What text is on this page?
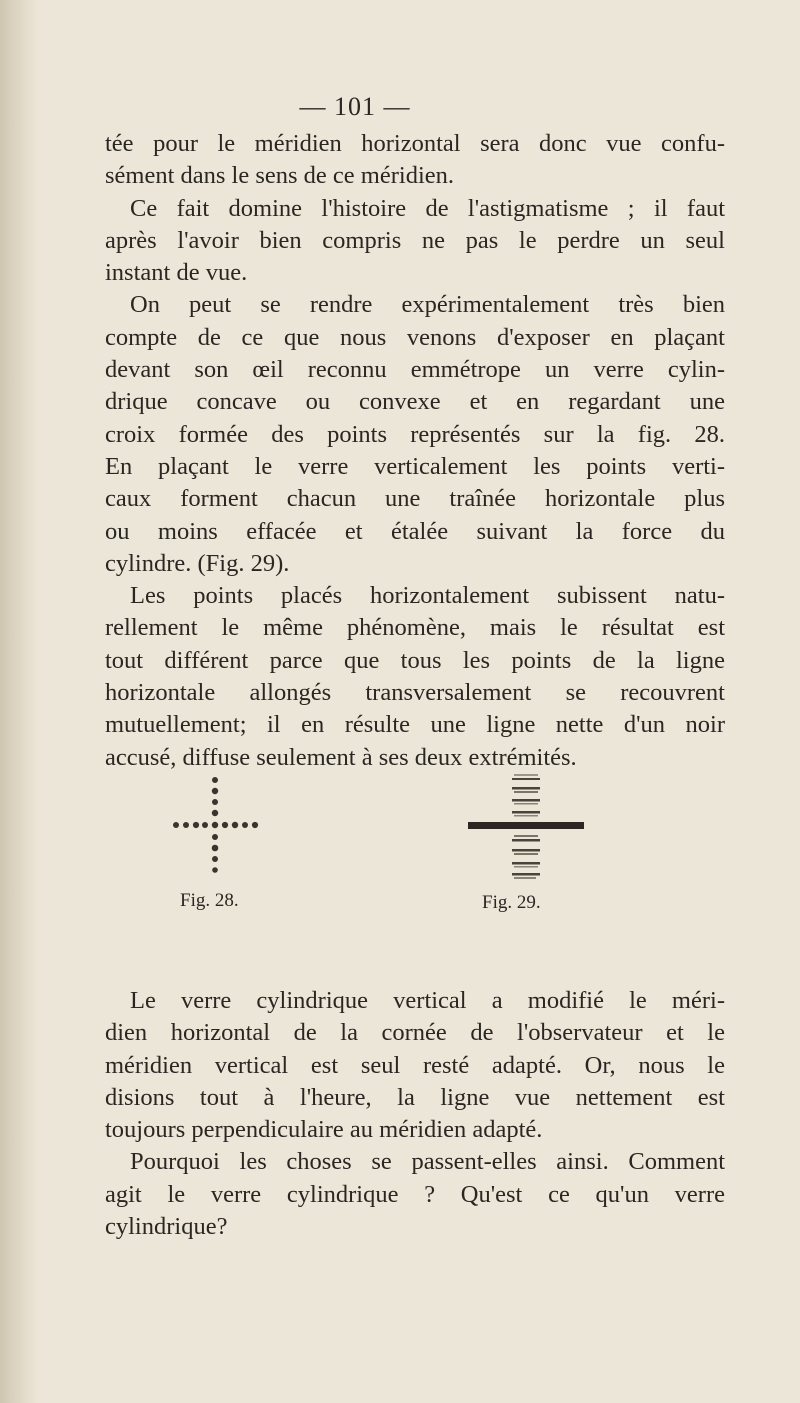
— 101 —
tée pour le méridien horizontal sera donc vue confu-
sément dans le sens de ce méridien.
Ce fait domine l'histoire de l'astigmatisme ; il faut
après l'avoir bien compris ne pas le perdre un seul
instant de vue.
On peut se rendre expérimentalement très bien
compte de ce que nous venons d'exposer en plaçant
devant son œil reconnu emmétrope un verre cylin-
drique concave ou convexe et en regardant une
croix formée des points représentés sur la fig. 28.
En plaçant le verre verticalement les points verti-
caux forment chacun une traînée horizontale plus
ou moins effacée et étalée suivant la force du
cylindre. (Fig. 29).
Les points placés horizontalement subissent natu-
rellement le même phénomène, mais le résultat est
tout différent parce que tous les points de la ligne
horizontale allongés transversalement se recouvrent
mutuellement; il en résulte une ligne nette d'un noir
accusé, diffuse seulement à ses deux extrémités.
Fig. 28.	Fig. 29.
Le verre cylindrique vertical a modifié le méri-
dien horizontal de la cornée de l'observateur et le
méridien vertical est seul resté adapté. Or, nous le
disions tout à l'heure, la ligne vue nettement est
toujours perpendiculaire au méridien adapté.
Pourquoi les choses se passent-elles ainsi. Comment
agit le verre cylindrique ? Qu'est ce qu'un verre
cylindrique?
